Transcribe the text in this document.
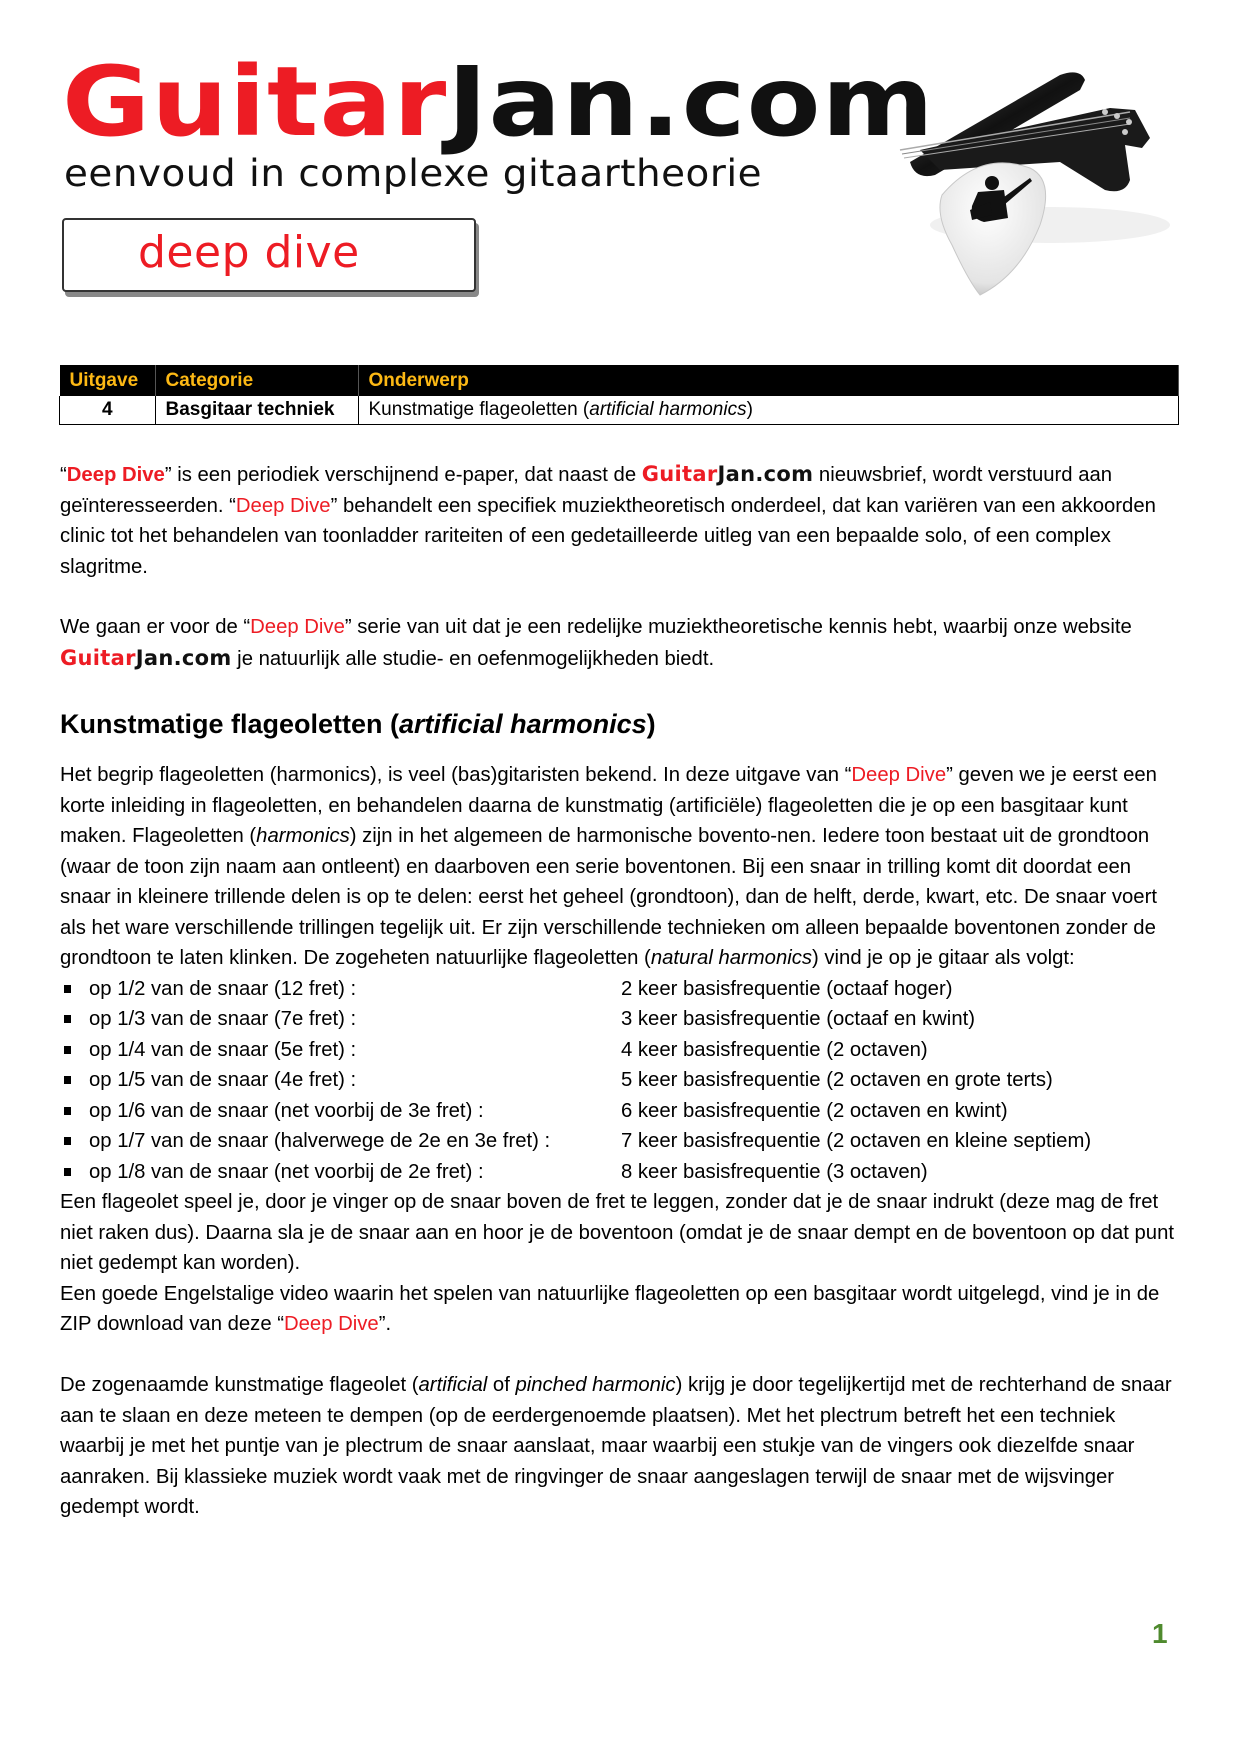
GuitarJan.com
eenvoud in complexe gitaartheorie
deep dive
Uitgave	Categorie	Onderwerp
4	Basgitaar techniek	Kunstmatige flageoletten (artificial harmonics)
“Deep Dive” is een periodiek verschijnend e-paper, dat naast de GuitarJan.com nieuwsbrief, wordt verstuurd aan geïnteresseerden. “Deep Dive” behandelt een specifiek muziektheoretisch onderdeel, dat kan variëren van een akkoorden clinic tot het behandelen van toonladder rariteiten of een gedetailleerde uitleg van een bepaalde solo, of een complex slagritme.
We gaan er voor de “Deep Dive” serie van uit dat je een redelijke muziektheoretische kennis hebt, waarbij onze website GuitarJan.com je natuurlijk alle studie- en oefenmogelijkheden biedt.
Kunstmatige flageoletten (artificial harmonics)
Het begrip flageoletten (harmonics), is veel (bas)gitaristen bekend. In deze uitgave van “Deep Dive” geven we je eerst een korte inleiding in flageoletten, en behandelen daarna de kunstmatig (artificiële) flageoletten die je op een basgitaar kunt maken. Flageoletten (harmonics) zijn in het algemeen de harmonische bovento-nen. Iedere toon bestaat uit de grondtoon (waar de toon zijn naam aan ontleent) en daarboven een serie boventonen. Bij een snaar in trilling komt dit doordat een snaar in kleinere trillende delen is op te delen: eerst het geheel (grondtoon), dan de helft, derde, kwart, etc. De snaar voert als het ware verschillende trillingen tegelijk uit. Er zijn verschillende technieken om alleen bepaalde boventonen zonder de grondtoon te laten klinken. De zogeheten natuurlijke flageoletten (natural harmonics) vind je op je gitaar als volgt:
op 1/2 van de snaar (12 fret) :	2 keer basisfrequentie (octaaf hoger)
op 1/3 van de snaar (7e fret) :	3 keer basisfrequentie (octaaf en kwint)
op 1/4 van de snaar (5e fret) :	4 keer basisfrequentie (2 octaven)
op 1/5 van de snaar (4e fret) :	5 keer basisfrequentie (2 octaven en grote terts)
op 1/6 van de snaar (net voorbij de 3e fret) :	6 keer basisfrequentie (2 octaven en kwint)
op 1/7 van de snaar (halverwege de 2e en 3e fret) :	7 keer basisfrequentie (2 octaven en kleine septiem)
op 1/8 van de snaar (net voorbij de 2e fret) :	8 keer basisfrequentie (3 octaven)
Een flageolet speel je, door je vinger op de snaar boven de fret te leggen, zonder dat je de snaar indrukt (deze mag de fret niet raken dus). Daarna sla je de snaar aan en hoor je de boventoon (omdat je de snaar dempt en de boventoon op dat punt niet gedempt kan worden).
Een goede Engelstalige video waarin het spelen van natuurlijke flageoletten op een basgitaar wordt uitgelegd, vind je in de ZIP download van deze “Deep Dive”.
De zogenaamde kunstmatige flageolet (artificial of pinched harmonic) krijg je door tegelijkertijd met de rechterhand de snaar aan te slaan en deze meteen te dempen (op de eerdergenoemde plaatsen). Met het plectrum betreft het een techniek waarbij je met het puntje van je plectrum de snaar aanslaat, maar waarbij een stukje van de vingers ook diezelfde snaar aanraken. Bij klassieke muziek wordt vaak met de ringvinger de snaar aangeslagen terwijl de snaar met de wijsvinger gedempt wordt.
1
